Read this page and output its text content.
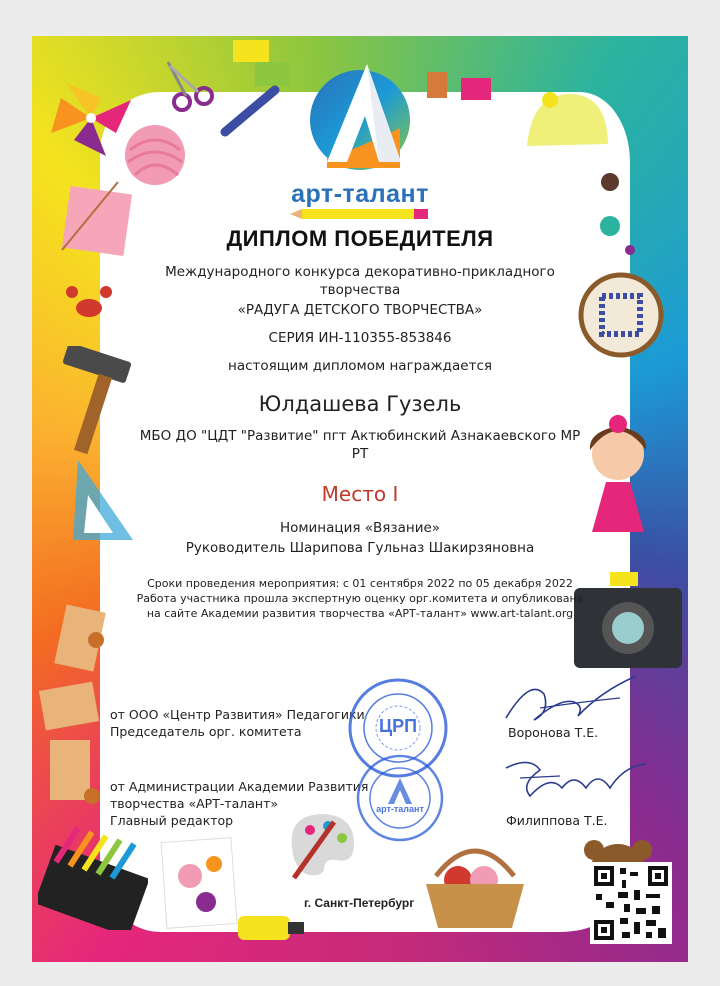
арт-талант
ДИПЛОМ ПОБЕДИТЕЛЯ
Международного конкурса декоративно-прикладного
творчества
«РАДУГА ДЕТСКОГО ТВОРЧЕСТВА»
СЕРИЯ ИН-110355-853846
настоящим дипломом награждается
Юлдашева Гузель
МБО ДО "ЦДТ "Развитие" пгт Актюбинский Азнакаевского МР
РТ
Место I
Номинация «Вязание»
Руководитель Шарипова Гульназ Шакирзяновна
Сроки проведения мероприятия: с 01 сентября 2022 по 05 декабря 2022
Работа участника прошла экспертную оценку орг.комитета и опубликована
на сайте Академии развития творчества «АРТ-талант» www.art-talant.org
от ООО «Центр Развития» Педагогики
Председатель орг. комитета	Воронова Т.Е.
от Администрации Академии Развития
творчества «АРТ-талант»
Главный редактор	Филиппова Т.Е.
ЦРП
арт-талант
г. Санкт-Петербург
